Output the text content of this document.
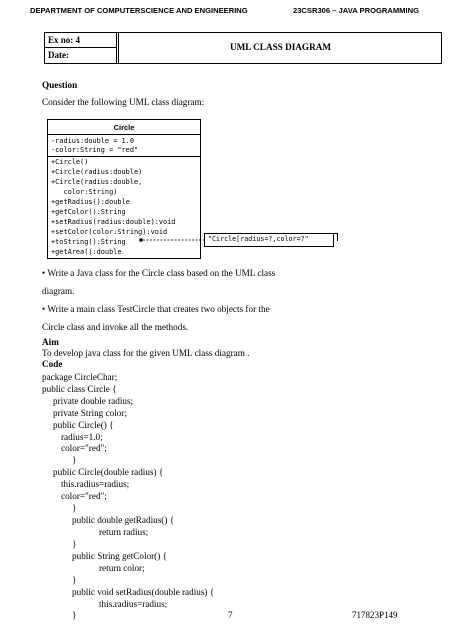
DEPARTMENT OF COMPUTERSCIENCE AND ENGINEERING	23CSR306 – JAVA PROGRAMMING
Ex no: 4
Date:
UML CLASS DIAGRAM
Question
Consider the following UML class diagram:
Circle
-radius:double = 1.0
-color:String = "red"
+Circle()
+Circle(radius:double)
+Circle(radius:double,
color:String)
+getRadius():double
+getColor():String
+setRadius(radius:double):void
+setColor(color:String):void
+toString():String
+getArea():double
"Circle[radius=?,color=?"
• Write a Java class for the Circle class based on the UML class
diagram.
• Write a main class TestCircle that creates two objects for the
Circle class and invoke all the methods.
Aim
To develop java class for the given UML class diagram .
Code
package CircleChar;
public class Circle {
private double radius;
private String color;
public Circle() {
radius=1.0;
color="red";
}
public Circle(double radius) {
this.radius=radius;
color="red";
}
public double getRadius() {
return radius;
}
public String getColor() {
return color;
}
public void setRadius(double radius) {
this.radius=radius;
}	7	717823P149
